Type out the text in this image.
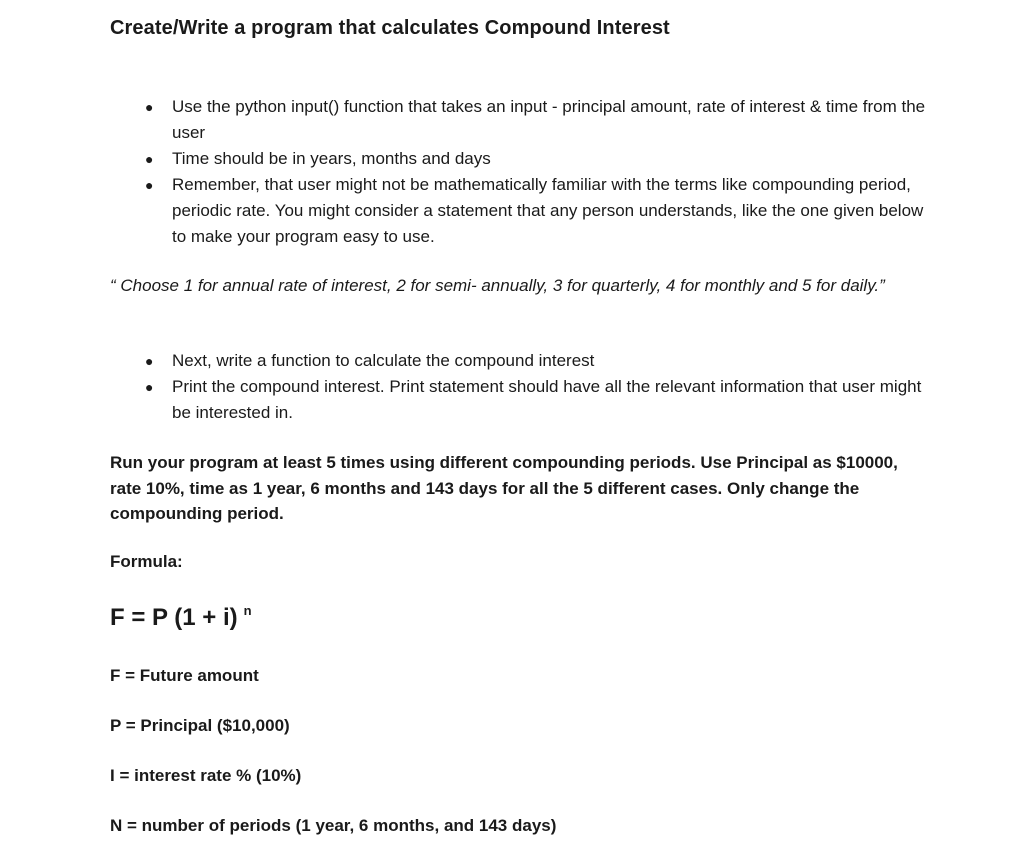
Create/Write a program that calculates Compound Interest
● Use the python input() function that takes an input - principal amount, rate of interest & time from the user
● Time should be in years, months and days
● Remember, that user might not be mathematically familiar with the terms like compounding period, periodic rate. You might consider a statement that any person understands, like the one given below to make your program easy to use.
“ Choose 1 for annual rate of interest, 2 for semi- annually, 3 for quarterly, 4 for monthly and 5 for daily.”
● Next, write a function to calculate the compound interest
● Print the compound interest. Print statement should have all the relevant information that user might be interested in.
Run your program at least 5 times using different compounding periods. Use Principal as $10000, rate 10%, time as 1 year, 6 months and 143 days for all the 5 different cases. Only change the compounding period.
Formula:
F = P (1 + i) $^n$
F = Future amount
P = Principal ($10,000)
I = interest rate % (10%)
N = number of periods (1 year, 6 months, and 143 days)
